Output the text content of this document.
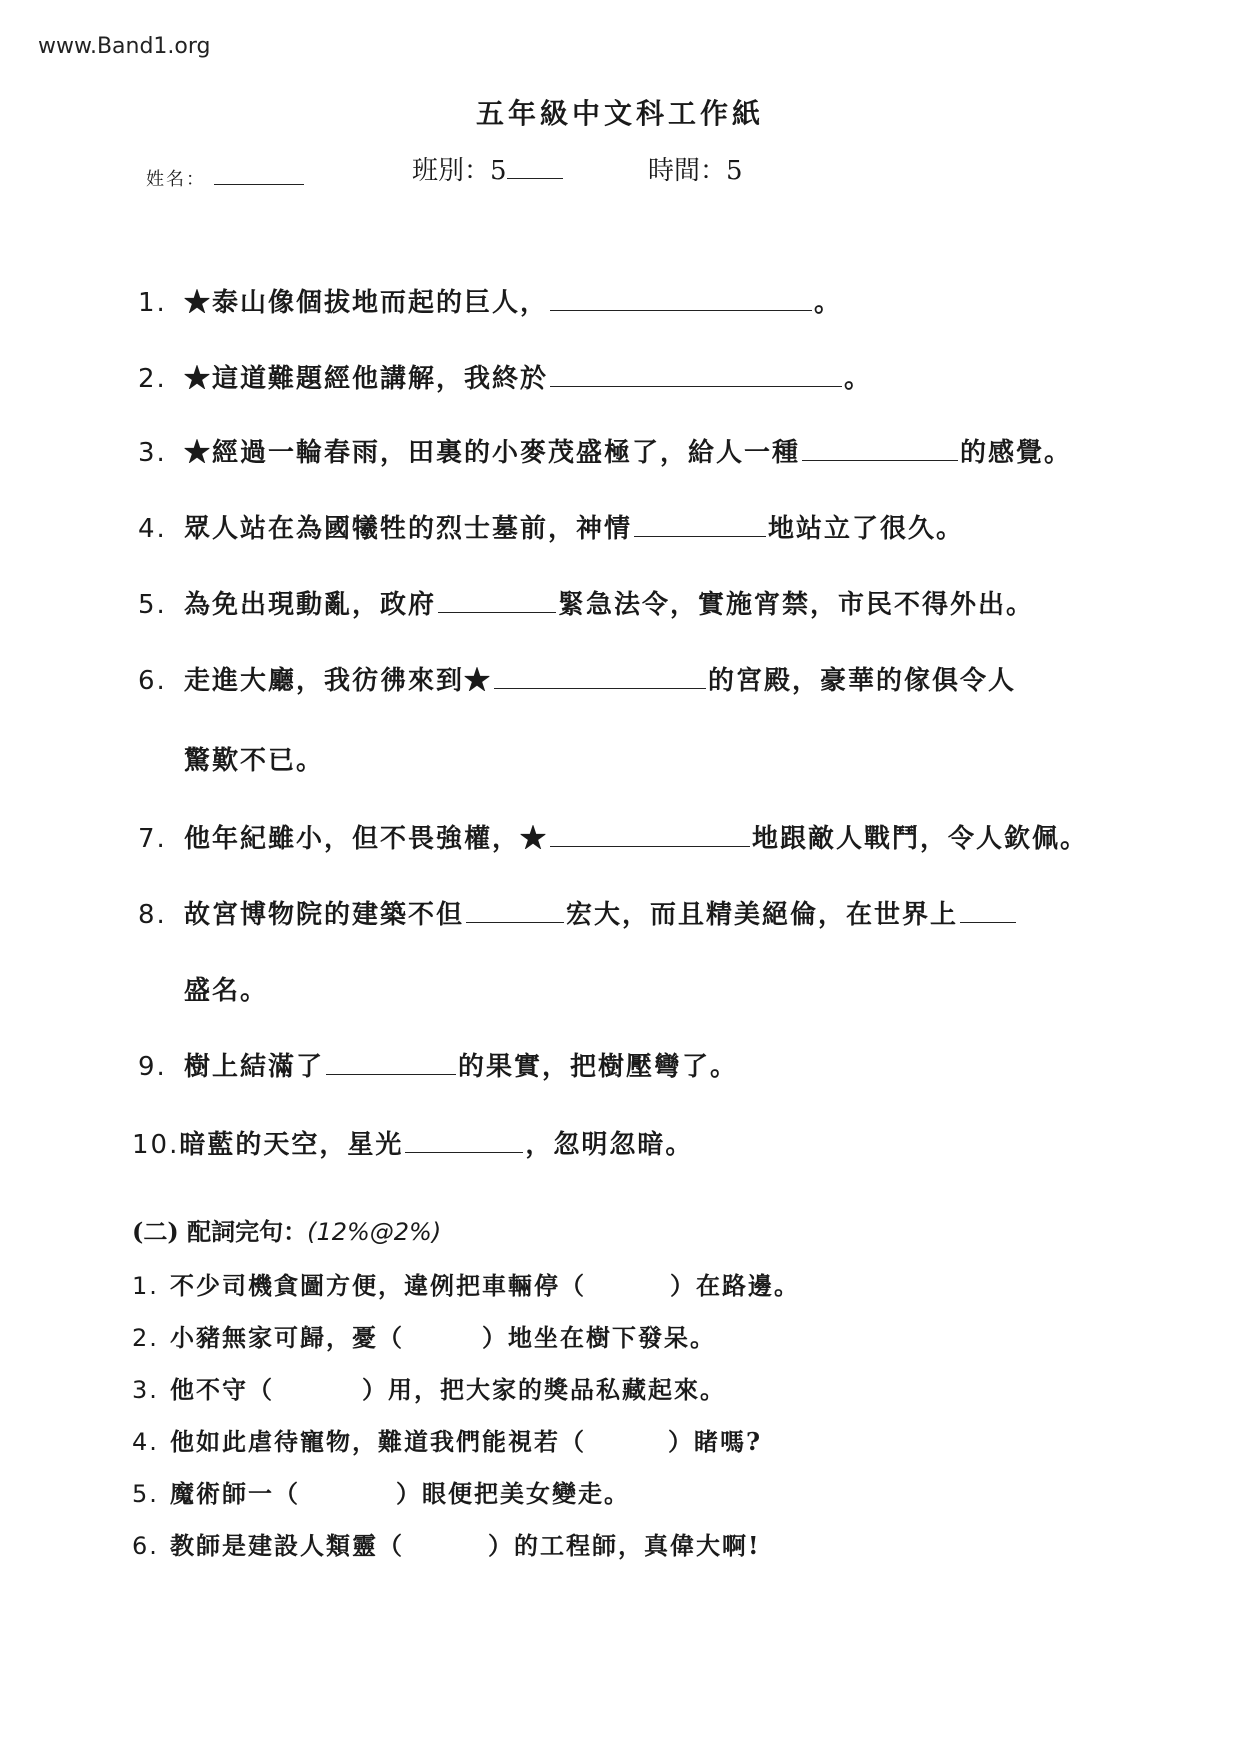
www.Band1.org
五年級中文科工作紙
姓名：	班別：5	時間：5
1. ★泰山像個拔地而起的巨人，	。
2. ★這道難題經他講解，我終於	。
3. ★經過一輪春雨，田裏的小麥茂盛極了，給人一種	的感覺。
4. 眾人站在為國犧牲的烈士墓前，神情	地站立了很久。
5. 為免出現動亂，政府	緊急法令，實施宵禁，市民不得外出。
6. 走進大廳，我彷彿來到★	的宮殿，豪華的傢俱令人
驚歎不已。
7. 他年紀雖小，但不畏強權，★	地跟敵人戰鬥，令人欽佩。
8. 故宮博物院的建築不但	宏大，而且精美絕倫，在世界上
盛名。
9. 樹上結滿了	的果實，把樹壓彎了。
10.暗藍的天空，星光	，忽明忽暗。
(二) 配詞完句：(12%@2%)
1. 不少司機貪圖方便，違例把車輛停（	）在路邊。
2. 小豬無家可歸，憂（	）地坐在樹下發呆。
3. 他不守（	）用，把大家的獎品私藏起來。
4. 他如此虐待寵物，難道我們能視若（	）睹嗎?
5. 魔術師一（	）眼便把美女變走。
6. 教師是建設人類靈（	）的工程師，真偉大啊!
